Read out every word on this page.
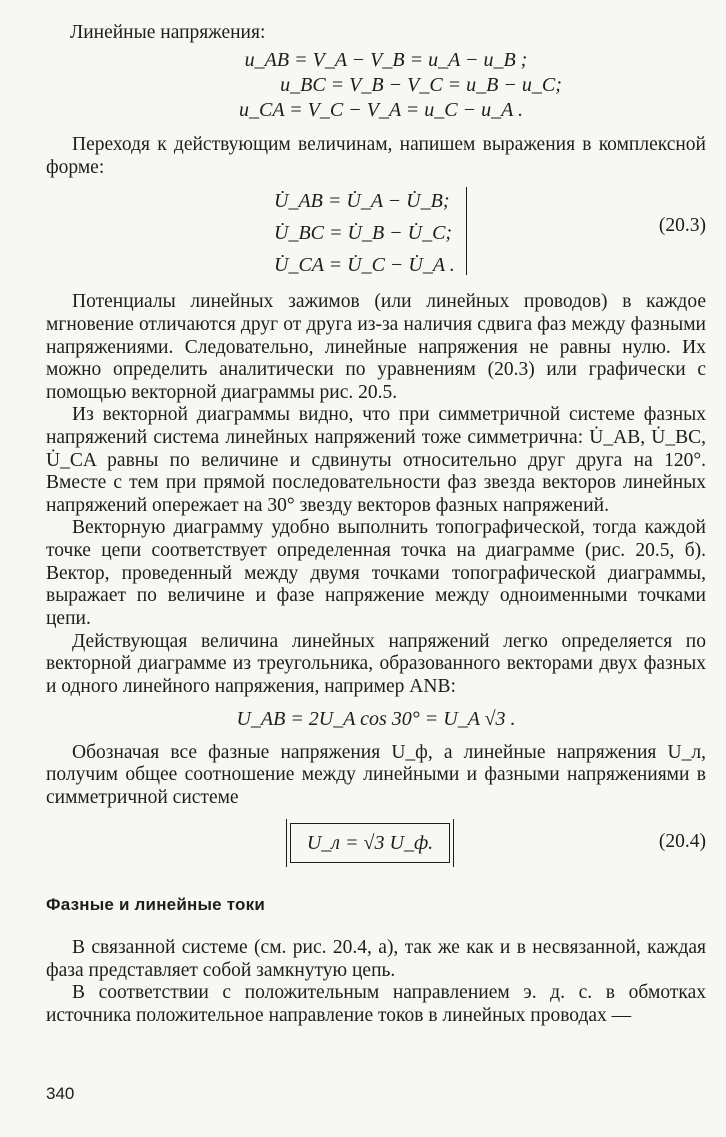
Линейные напряжения:

u_AB = V_A − V_B = u_A − u_B ;
u_BC = V_B − V_C = u_B − u_C;
u_CA = V_C − V_A = u_C − u_A .

Переходя к действующим величинам, напишем выражения в комплексной форме:

U̇_AB = U̇_A − U̇_B;
U̇_BC = U̇_B − U̇_C;
U̇_CA = U̇_C − U̇_A .
(20.3)

Потенциалы линейных зажимов (или линейных проводов) в каждое мгновение отличаются друг от друга из-за наличия сдвига фаз между фазными напряжениями. Следовательно, линейные напряжения не равны нулю. Их можно определить аналитически по уравнениям (20.3) или графически с помощью векторной диаграммы рис. 20.5.

Из векторной диаграммы видно, что при симметричной системе фазных напряжений система линейных напряжений тоже симметрична: U̇_AB, U̇_BC, U̇_CA равны по величине и сдвинуты относительно друг друга на 120°. Вместе с тем при прямой последовательности фаз звезда векторов линейных напряжений опережает на 30° звезду векторов фазных напряжений.

Векторную диаграмму удобно выполнить топографической, тогда каждой точке цепи соответствует определенная точка на диаграмме (рис. 20.5, б). Вектор, проведенный между двумя точками топографической диаграммы, выражает по величине и фазе напряжение между одноименными точками цепи.

Действующая величина линейных напряжений легко определяется по векторной диаграмме из треугольника, образованного векторами двух фазных и одного линейного напряжения, например ANB:

U_AB = 2U_A cos 30° = U_A √3 .

Обозначая все фазные напряжения U_ф, а линейные напряжения U_л, получим общее соотношение между линейными и фазными напряжениями в симметричной системе

U_л = √3 U_ф.	(20.4)
Фазные и линейные токи

В связанной системе (см. рис. 20.4, а), так же как и в несвязанной, каждая фаза представляет собой замкнутую цепь.

В соответствии с положительным направлением э. д. с. в обмотках источника положительное направление токов в линейных проводах —

340
